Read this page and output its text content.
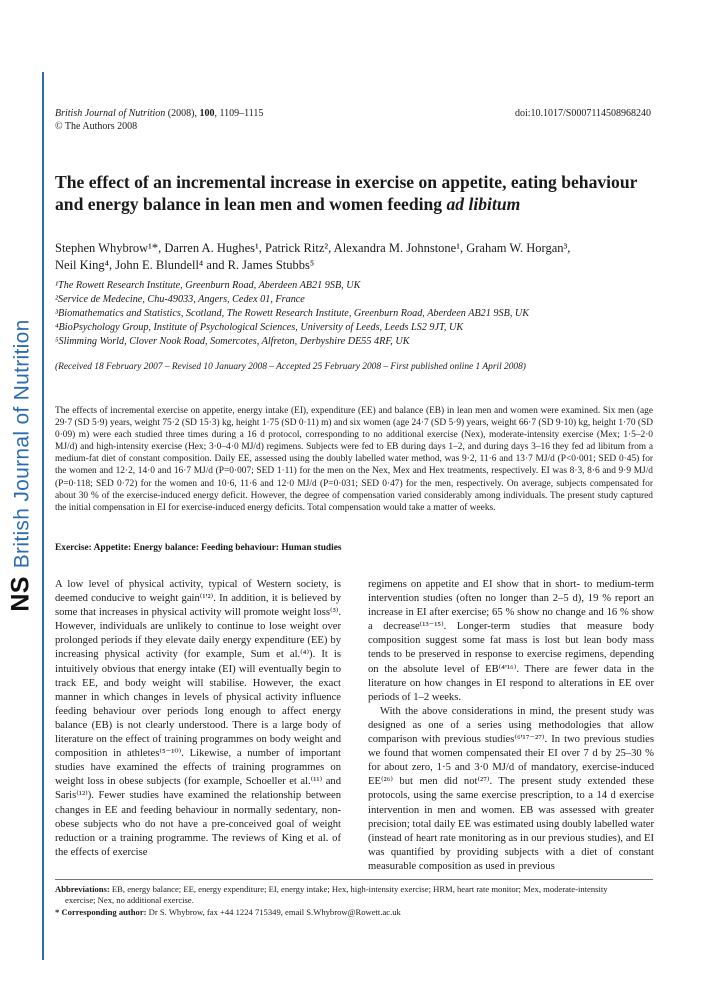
NSBritish Journal of Nutrition
British Journal of Nutrition (2008), 100, 1109–1115
© The Authors 2008
doi:10.1017/S0007114508968240
The effect of an incremental increase in exercise on appetite, eating behaviour and energy balance in lean men and women feeding ad libitum
Stephen Whybrow¹*, Darren A. Hughes¹, Patrick Ritz², Alexandra M. Johnstone¹, Graham W. Horgan³,
Neil King⁴, John E. Blundell⁴ and R. James Stubbs⁵
¹The Rowett Research Institute, Greenburn Road, Aberdeen AB21 9SB, UK
²Service de Medecine, Chu-49033, Angers, Cedex 01, France
³Biomathematics and Statistics, Scotland, The Rowett Research Institute, Greenburn Road, Aberdeen AB21 9SB, UK
⁴BioPsychology Group, Institute of Psychological Sciences, University of Leeds, Leeds LS2 9JT, UK
⁵Slimming World, Clover Nook Road, Somercotes, Alfreton, Derbyshire DE55 4RF, UK
(Received 18 February 2007 – Revised 10 January 2008 – Accepted 25 February 2008 – First published online 1 April 2008)
The effects of incremental exercise on appetite, energy intake (EI), expenditure (EE) and balance (EB) in lean men and women were examined. Six men (age 29·7 (SD 5·9) years, weight 75·2 (SD 15·3) kg, height 1·75 (SD 0·11) m) and six women (age 24·7 (SD 5·9) years, weight 66·7 (SD 9·10) kg, height 1·70 (SD 0·09) m) were each studied three times during a 16 d protocol, corresponding to no additional exercise (Nex), moderate-intensity exercise (Mex; 1·5–2·0 MJ/d) and high-intensity exercise (Hex; 3·0–4·0 MJ/d) regimens. Subjects were fed to EB during days 1–2, and during days 3–16 they fed ad libitum from a medium-fat diet of constant composition. Daily EE, assessed using the doubly labelled water method, was 9·2, 11·6 and 13·7 MJ/d (P<0·001; SED 0·45) for the women and 12·2, 14·0 and 16·7 MJ/d (P=0·007; SED 1·11) for the men on the Nex, Mex and Hex treatments, respectively. EI was 8·3, 8·6 and 9·9 MJ/d (P=0·118; SED 0·72) for the women and 10·6, 11·6 and 12·0 MJ/d (P=0·031; SED 0·47) for the men, respectively. On average, subjects compensated for about 30 % of the exercise-induced energy deficit. However, the degree of compensation varied considerably among individuals. The present study captured the initial compensation in EI for exercise-induced energy deficits. Total compensation would take a matter of weeks.
Exercise: Appetite: Energy balance: Feeding behaviour: Human studies

A low level of physical activity, typical of Western society, is deemed conducive to weight gain⁽¹'²⁾. In addition, it is believed by some that increases in physical activity will promote weight loss⁽³⁾. However, individuals are unlikely to continue to lose weight over prolonged periods if they elevate daily energy expenditure (EE) by increasing physical activity (for example, Sum et al.⁽⁴⁾). It is intuitively obvious that energy intake (EI) will eventually begin to track EE, and body weight will stabilise. However, the exact manner in which changes in levels of physical activity influence feeding behaviour over periods long enough to affect energy balance (EB) is not clearly understood. There is a large body of literature on the effect of training programmes on body weight and composition in athletes⁽⁵⁻¹⁰⁾. Likewise, a number of important studies have examined the effects of training programmes on weight loss in obese subjects (for example, Schoeller et al.⁽¹¹⁾ and Saris⁽¹²⁾). Fewer studies have examined the relationship between changes in EE and feeding behaviour in normally sedentary, non-obese subjects who do not have a pre-conceived goal of weight reduction or a training programme. The reviews of King et al. of the effects of exercise

regimens on appetite and EI show that in short- to medium-term intervention studies (often no longer than 2–5 d), 19 % report an increase in EI after exercise; 65 % show no change and 16 % show a decrease⁽¹³⁻¹⁵⁾. Longer-term studies that measure body composition suggest some fat mass is lost but lean body mass tends to be preserved in response to exercise regimens, depending on the absolute level of EB⁽⁴'¹⁶⁾. There are fewer data in the literature on how changes in EI respond to alterations in EE over periods of 1–2 weeks.

With the above considerations in mind, the present study was designed as one of a series using methodologies that allow comparison with previous studies⁽⁶'¹⁷⁻²⁷⁾. In two previous studies we found that women compensated their EI over 7 d by 25–30 % for about zero, 1·5 and 3·0 MJ/d of mandatory, exercise-induced EE⁽²⁶⁾ but men did not⁽²⁷⁾. The present study extended these protocols, using the same exercise prescription, to a 14 d exercise intervention in men and women. EB was assessed with greater precision; total daily EE was estimated using doubly labelled water (instead of heart rate monitoring as in our previous studies), and EI was quantified by providing subjects with a diet of constant measurable composition as used in previous

Abbreviations: EB, energy balance; EE, energy expenditure; EI, energy intake; Hex, high-intensity exercise; HRM, heart rate monitor; Mex, moderate-intensity
exercise; Nex, no additional exercise.
* Corresponding author: Dr S. Whybrow, fax +44 1224 715349, email S.Whybrow@Rowett.ac.uk
